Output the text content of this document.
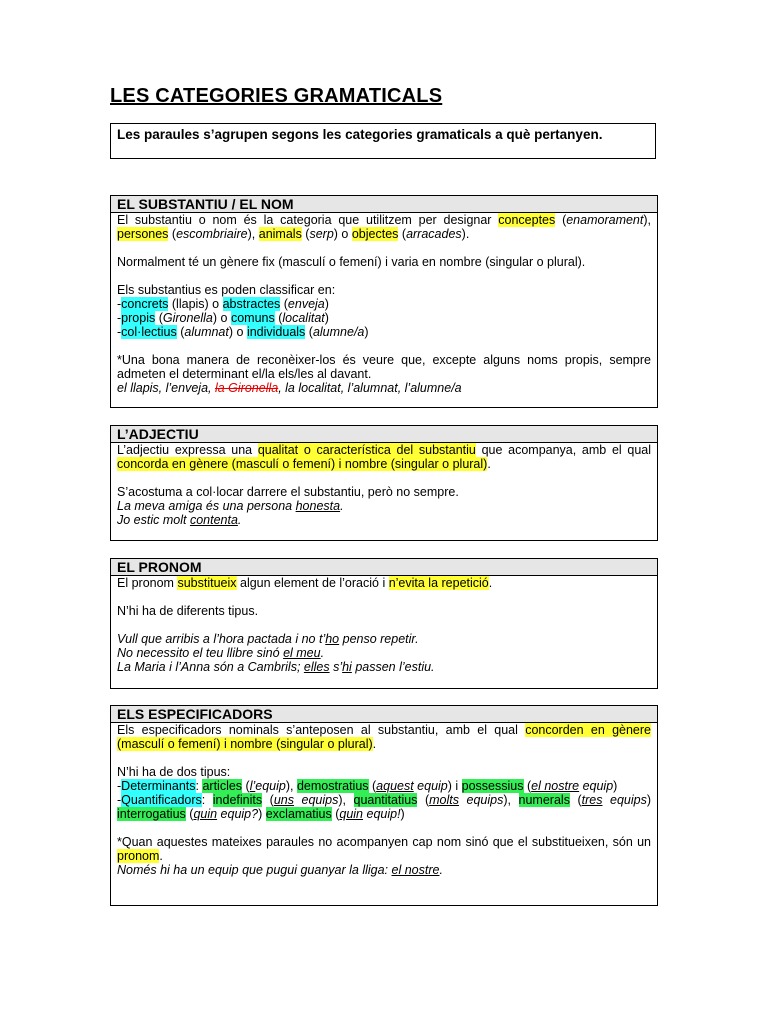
LES CATEGORIES GRAMATICALS
Les paraules s’agrupen segons les categories gramaticals a què pertanyen.
EL SUBSTANTIU / EL NOM

El substantiu o nom és la categoria que utilitzem per designar conceptes (enamorament), persones (escombriaire), animals (serp) o objectes (arracades).

Normalment té un gènere fix (masculí o femení) i varia en nombre (singular o plural).

Els substantius es poden classificar en:
-concrets (llapis) o abstractes (enveja)
-propis (Gironella) o comuns (localitat)
-col·lectius (alumnat) o individuals (alumne/a)

*Una bona manera de reconèixer-los és veure que, excepte alguns noms propis, sempre admeten el determinant el/la els/les al davant.
el llapis, l’enveja, la Gironella, la localitat, l’alumnat, l’alumne/a

L’ADJECTIU

L’adjectiu expressa una qualitat o característica del substantiu que acompanya, amb el qual concorda en gènere (masculí o femení) i nombre (singular o plural).

S’acostuma a col·locar darrere el substantiu, però no sempre.
La meva amiga és una persona honesta.
Jo estic molt contenta.

EL PRONOM

El pronom substitueix algun element de l’oració i n’evita la repetició.

N’hi ha de diferents tipus.

Vull que arribis a l’hora pactada i no t’ho penso repetir.
No necessito el teu llibre sinó el meu.
La Maria i l’Anna són a Cambrils; elles s’hi passen l’estiu.

ELS ESPECIFICADORS

Els especificadors nominals s’anteposen al substantiu, amb el qual concorden en gènere (masculí o femení) i nombre (singular o plural).

N’hi ha de dos tipus:
-Determinants: articles (l’equip), demostratius (aquest equip) i possessius (el nostre equip)
-Quantificadors: indefinits (uns equips), quantitatius (molts equips), numerals (tres equips) interrogatius (quin equip?) exclamatius (quin equip!)

*Quan aquestes mateixes paraules no acompanyen cap nom sinó que el substitueixen, són un pronom.
Només hi ha un equip que pugui guanyar la lliga: el nostre.
